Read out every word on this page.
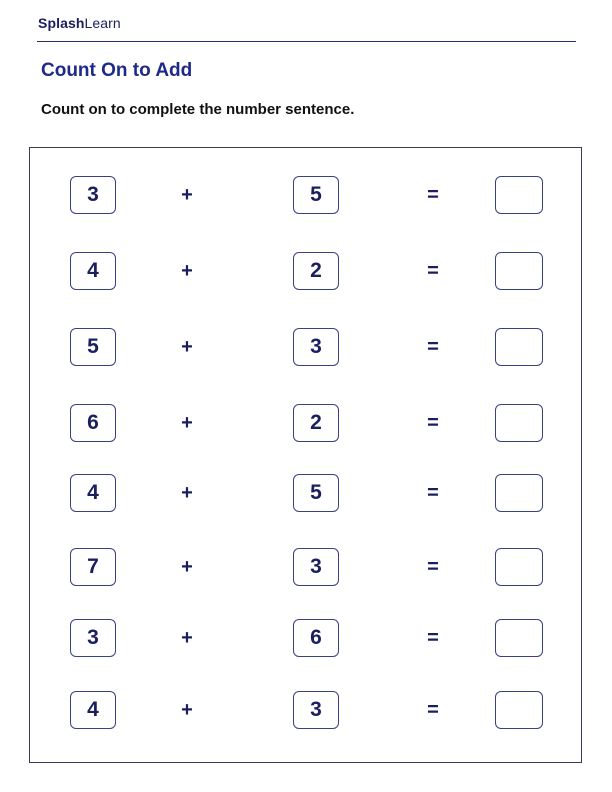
SplashLearn
Count On to Add
Count on to complete the number sentence.
3	+	5	=
4	+	2	=
5	+	3	=
6	+	2	=
4	+	5	=
7	+	3	=
3	+	6	=
4	+	3	=
